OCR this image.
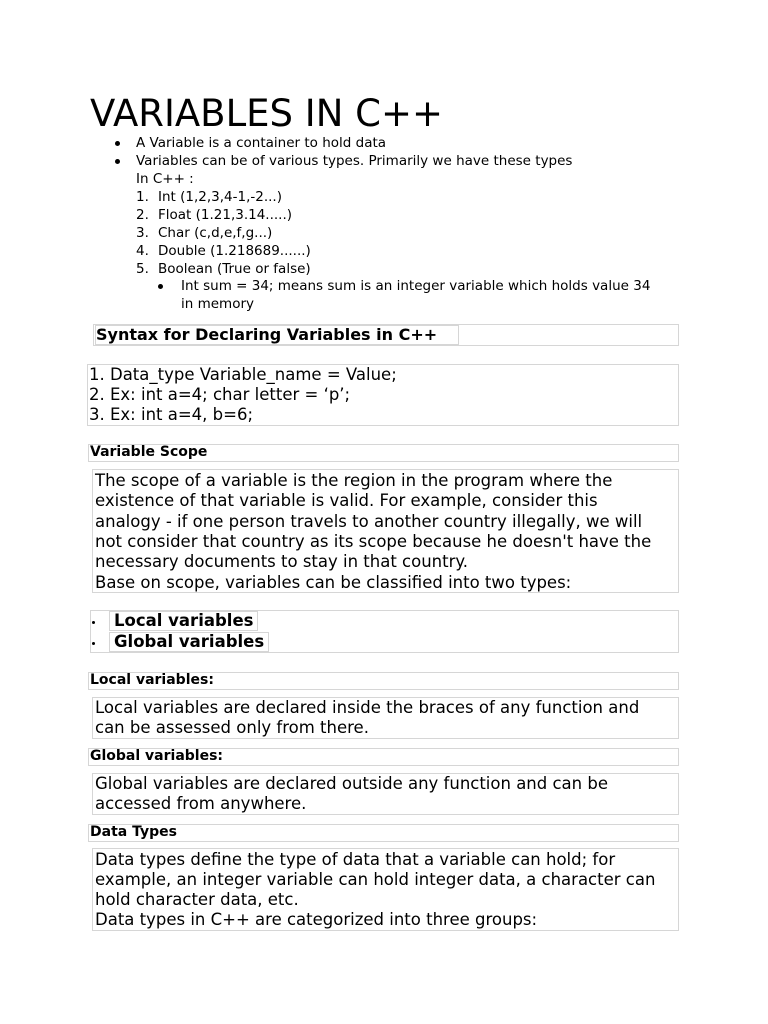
VARIABLES IN C++
A Variable is a container to hold data
Variables can be of various types. Primarily we have these types
In C++ :
1. Int (1,2,3,4-1,-2...)
2. Float (1.21,3.14.....)
3. Char (c,d,e,f,g...)
4. Double (1.218689......)
5. Boolean (True or false)
Int sum = 34; means sum is an integer variable which holds value 34
in memory
Syntax for Declaring Variables in C++
1. Data_type Variable_name = Value;
2. Ex: int a=4; char letter = ‘p’;
3. Ex: int a=4, b=6;
Variable Scope
The scope of a variable is the region in the program where the
existence of that variable is valid. For example, consider this
analogy - if one person travels to another country illegally, we will
not consider that country as its scope because he doesn't have the
necessary documents to stay in that country.
Base on scope, variables can be classified into two types:
Local variables
Global variables
Local variables:
Local variables are declared inside the braces of any function and
can be assessed only from there.
Global variables:
Global variables are declared outside any function and can be
accessed from anywhere.
Data Types
Data types define the type of data that a variable can hold; for
example, an integer variable can hold integer data, a character can
hold character data, etc.
Data types in C++ are categorized into three groups:
